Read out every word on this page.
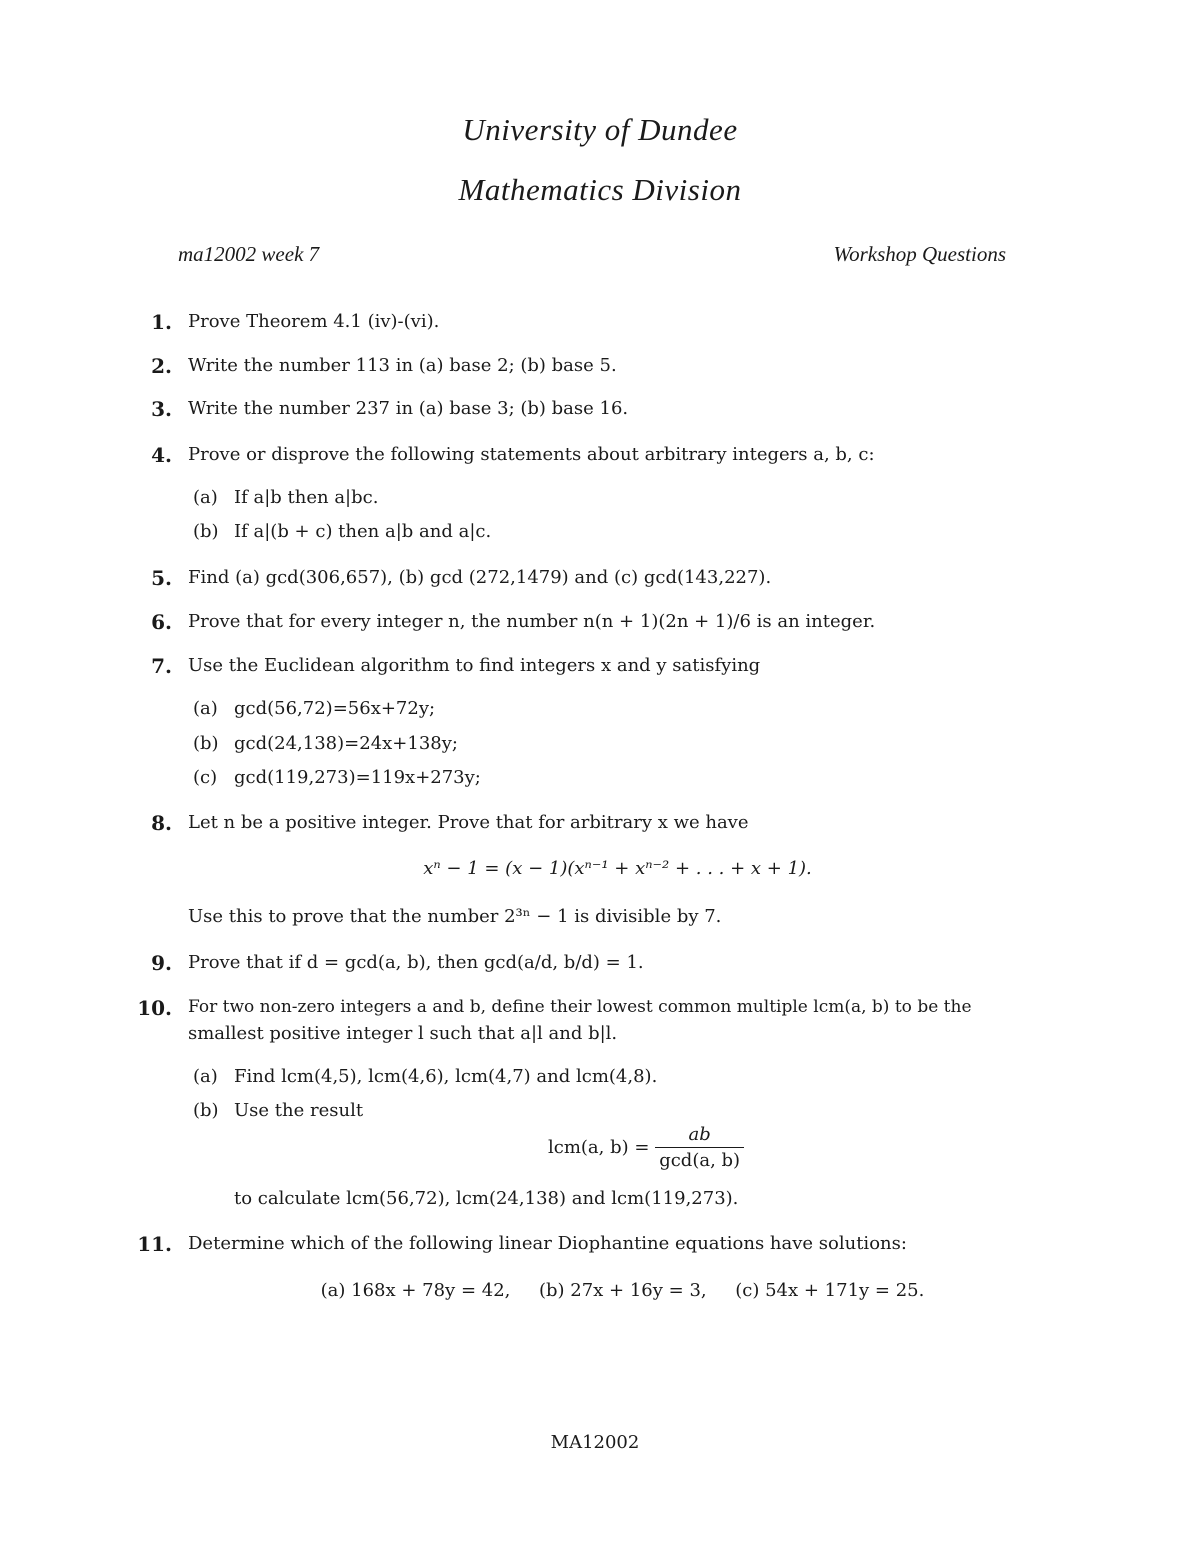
University of Dundee
Mathematics Division
ma12002 week 7	Workshop Questions
1. Prove Theorem 4.1 (iv)-(vi).
2. Write the number 113 in (a) base 2; (b) base 5.
3. Write the number 237 in (a) base 3; (b) base 16.
4. Prove or disprove the following statements about arbitrary integers a, b, c:
(a) If a|b then a|bc.
(b) If a|(b + c) then a|b and a|c.
5. Find (a) gcd(306,657), (b) gcd (272,1479) and (c) gcd(143,227).
6. Prove that for every integer n, the number n(n + 1)(2n + 1)/6 is an integer.
7. Use the Euclidean algorithm to find integers x and y satisfying
(a) gcd(56,72)=56x+72y;
(b) gcd(24,138)=24x+138y;
(c) gcd(119,273)=119x+273y;
8. Let n be a positive integer. Prove that for arbitrary x we have
xⁿ − 1 = (x − 1)(xⁿ⁻¹ + xⁿ⁻² + . . . + x + 1).
Use this to prove that the number 2³ⁿ − 1 is divisible by 7.
9. Prove that if d = gcd(a, b), then gcd(a/d, b/d) = 1.
10. For two non-zero integers a and b, define their lowest common multiple lcm(a, b) to be the
smallest positive integer l such that a|l and b|l.
(a) Find lcm(4,5), lcm(4,6), lcm(4,7) and lcm(4,8).
(b) Use the result
lcm(a, $b) = \frac{ab}{\gcd(a, b)}$
to calculate lcm(56,72), lcm(24,138) and lcm(119,273).
11. Determine which of the following linear Diophantine equations have solutions:
(a) 168x + 78y = 42,     (b) 27x + 16y = 3,     (c) 54x + 171y = 25.
MA12002
